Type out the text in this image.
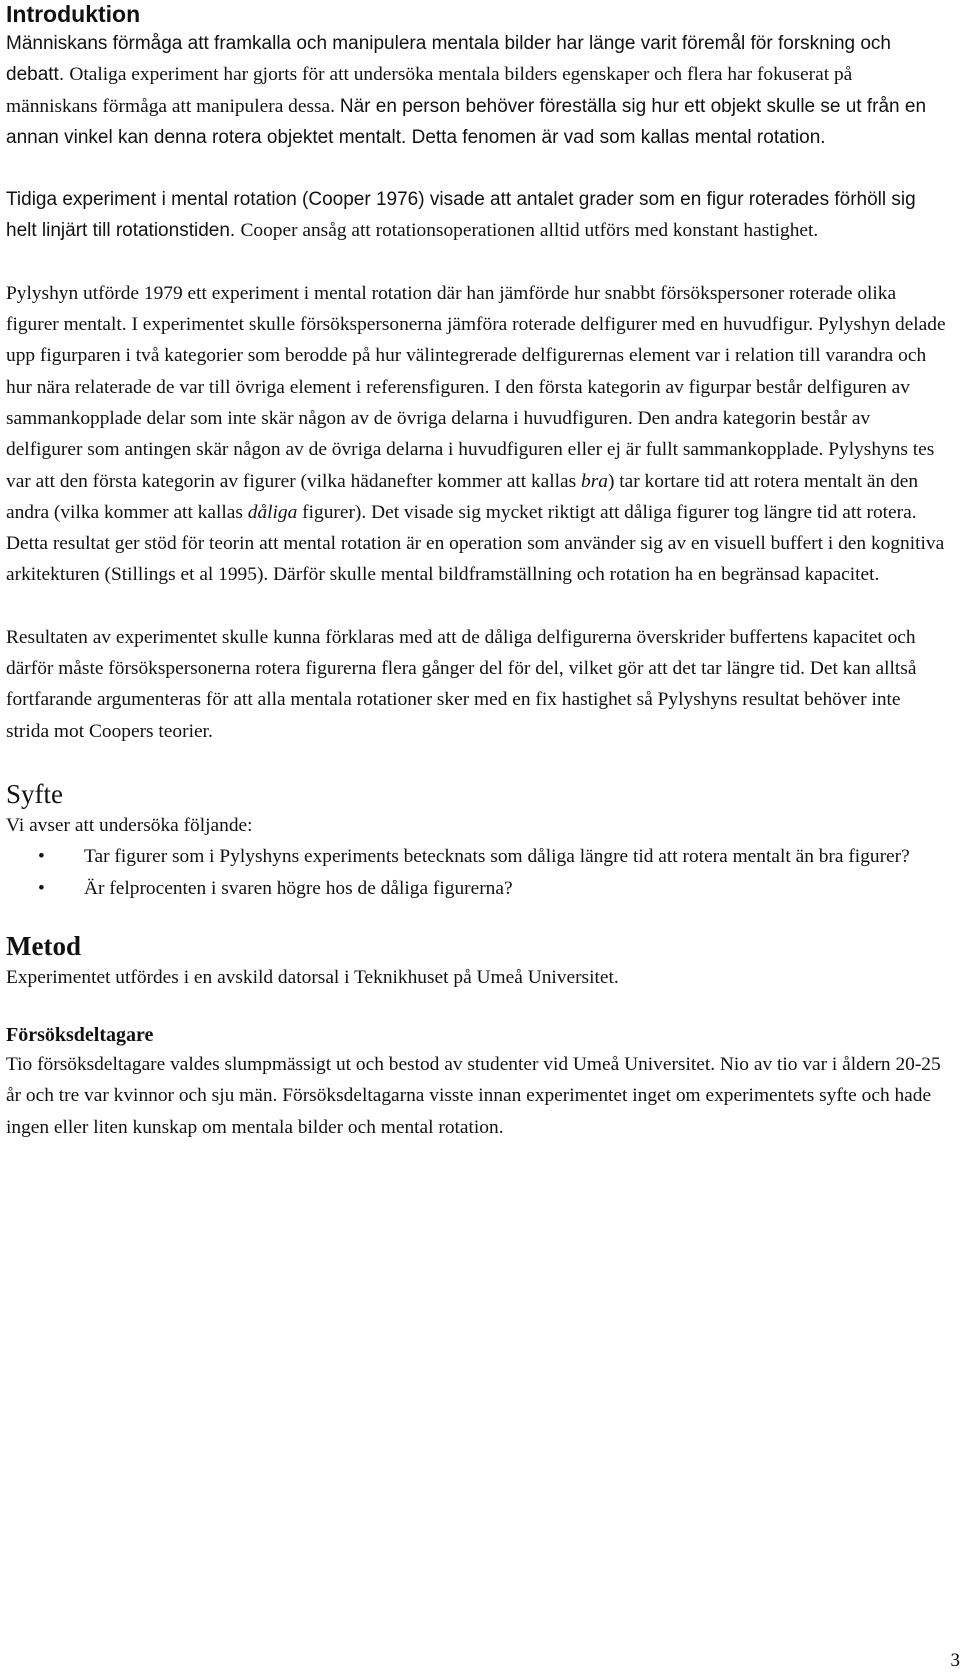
Introduktion

Människans förmåga att framkalla och manipulera mentala bilder har länge varit föremål för forskning och debatt. Otaliga experiment har gjorts för att undersöka mentala bilders egenskaper och flera har fokuserat på människans förmåga att manipulera dessa. När en person behöver föreställa sig hur ett objekt skulle se ut från en annan vinkel kan denna rotera objektet mentalt. Detta fenomen är vad som kallas mental rotation.

Tidiga experiment i mental rotation (Cooper 1976) visade att antalet grader som en figur roterades förhöll sig helt linjärt till rotationstiden. Cooper ansåg att rotationsoperationen alltid utförs med konstant hastighet.

Pylyshyn utförde 1979 ett experiment i mental rotation där han jämförde hur snabbt försökspersoner roterade olika figurer mentalt. I experimentet skulle försökspersonerna jämföra roterade delfigurer med en huvudfigur. Pylyshyn delade upp figurparen i två kategorier som berodde på hur välintegrerade delfigurernas element var i relation till varandra och hur nära relaterade de var till övriga element i referensfiguren. I den första kategorin av figurpar består delfiguren av sammankopplade delar som inte skär någon av de övriga delarna i huvudfiguren. Den andra kategorin består av delfigurer som antingen skär någon av de övriga delarna i huvudfiguren eller ej är fullt sammankopplade. Pylyshyns tes var att den första kategorin av figurer (vilka hädanefter kommer att kallas bra) tar kortare tid att rotera mentalt än den andra (vilka kommer att kallas dåliga figurer). Det visade sig mycket riktigt att dåliga figurer tog längre tid att rotera. Detta resultat ger stöd för teorin att mental rotation är en operation som använder sig av en visuell buffert i den kognitiva arkitekturen (Stillings et al 1995). Därför skulle mental bildframställning och rotation ha en begränsad kapacitet.

Resultaten av experimentet skulle kunna förklaras med att de dåliga delfigurerna överskrider buffertens kapacitet och därför måste försökspersonerna rotera figurerna flera gånger del för del, vilket gör att det tar längre tid. Det kan alltså fortfarande argumenteras för att alla mentala rotationer sker med en fix hastighet så Pylyshyns resultat behöver inte strida mot Coopers teorier.

Syfte

Vi avser att undersöka följande:

• Tar figurer som i Pylyshyns experiments betecknats som dåliga längre tid att rotera mentalt än bra figurer?
• Är felprocenten i svaren högre hos de dåliga figurerna?
Metod

Experimentet utfördes i en avskild datorsal i Teknikhuset på Umeå Universitet.

Försöksdeltagare

Tio försöksdeltagare valdes slumpmässigt ut och bestod av studenter vid Umeå Universitet. Nio av tio var i åldern 20-25 år och tre var kvinnor och sju män. Försöksdeltagarna visste innan experimentet inget om experimentets syfte och hade ingen eller liten kunskap om mentala bilder och mental rotation.

3
